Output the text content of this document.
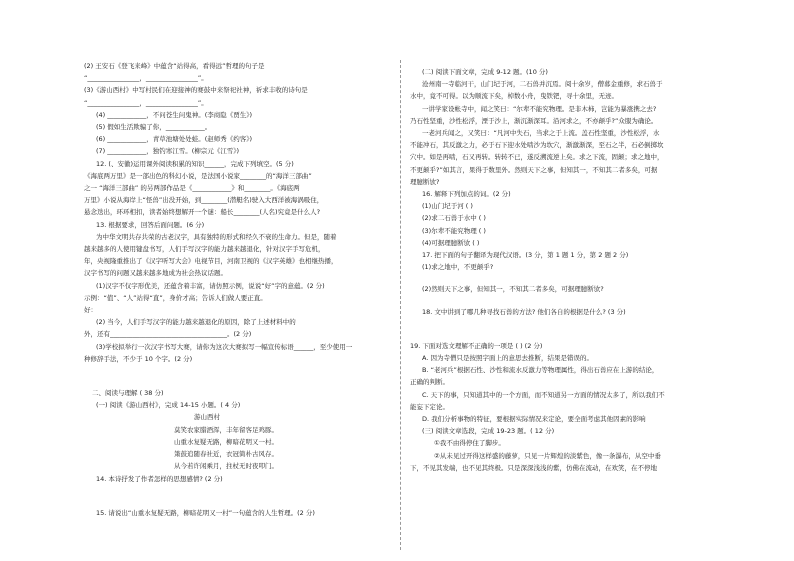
(2) 王安石《登飞来峰》中蕴含“站得高，看得远”哲理的句子是

“________________，________________”。

(3)《游山西村》中写村民们在迎接神的赛鼓中来祭祀社神，祈求丰收的诗句是

“________________，________________”。

(4) ____________，不问苍生问鬼神。(李商隐《贾生》)

(5) 假如生活欺骗了你，____________。

(6) ____________，青草池塘处处蛙。(赵师秀《约客》)

(7) ____________，独钓寒江雪。(柳宗元《江雪》)

12. (、安徽)运用课外阅读积累的知识______，完成下列填空。(5 分)

《海底两万里》是一部出色的科幻小说，是法国小说家________的“海洋三部曲”

之一 “海洋三部曲” 的另两部作品是《____________》和________。《海底两

万里》小说从海岸上“怪兽”出没开始，到________(潜艇名)驶入大西洋被海涡吸住，

悬念迭出，环环相扣，读者始终想解开一个谜：船长________(人名)究竟是什么人?

13. 根据要求，回答后面问题。(6 分)

为中华文明共存共荣的古老汉字，具有独特的形式和经久不衰的生命力。但是，随着

越来越多的人使用键盘书写，人们手写汉字的能力越来越退化，针对汉字手写危机，

年，央视隆重推出了《汉字听写大会》电视节目，河南卫视的《汉字英雄》也相继热播，

汉字书写的问题又越来越多地成为社会热议话题。

(1)汉字不仅字形优美，还蕴含着丰富，请仿照示例，说说“好”字的意蕴。(2 分)

示例：“值”、“人”站得“直”，身价才高；告诉人们做人要正直。

好：

(2) 当今，人们手写汉字的能力越来越退化的原因，除了上述材料中的

外，还有____________________________________。(2 分)

(3)学校拟举行一次汉字书写大赛，请你为这次大赛拟写一幅宣传标语______，至少使用一

种修辞手法，不少于 10 个字。(2 分)

二、阅读与理解 ( 38 分)

(一) 阅读《游山西村》，完成 14-15 小题。( 4 分)

游山西村

莫笑农家腊酒浑，丰年留客足鸡豚。

山重水复疑无路，柳暗花明又一村。

箫鼓追随春社近，衣冠简朴古风存。

从今若许闲乘月，拄杖无时夜叩门。

14. 本诗抒发了作者怎样的思想感情? (2 分)

15. 请说出“山重水复疑无路，柳暗花明又一村”一句蕴含的人生哲理。(2 分)

(二) 阅读下面文章，完成 9-12 题。(10 分)

沧州南一寺临河干，山门圮于河，二石兽并沉焉。阅十余岁，僧募金重修，求石兽于

水中，竟不可得。以为顺流下矣，棹数小舟，曳铁钯，寻十余里，无迹。

一讲学家设帐寺中，闻之笑曰：“尔辈不能究物理。是非木柿，岂能为暴涨携之去?

乃石性坚重，沙性松浮，湮于沙上，渐沉渐深耳。沿河求之，不亦颠乎?”众服为确论。

一老河兵闻之，又笑曰：“凡河中失石，当求之于上流。盖石性坚重，沙性松浮，水

不能冲石，其反激之力，必于石下迎水处啮沙为坎穴，渐激渐深，至石之半，石必倒掷坎

穴中。如是再啮，石又再转。转转不已，遂反溯流逆上矣。求之下流，固颠；求之地中，

不更颠乎?”如其言，果得于数里外。然则天下之事，但知其一，不知其二者多矣，可据

理臆断欤?

16. 解释下列加点的词。(2 分)

(1)山门圮于河 ( )

(2)求二石兽于水中 ( )

(3)尔辈不能究物理 ( )

(4)可据理臆断欤 ( )

17. 把下面的句子翻译为现代汉语。(3 分，第 1 题 1 分，第 2 题 2 分)

(1)求之地中，不更颠乎?

(2)然则天下之事，但知其一，不知其二者多矣，可据理臆断欤?

18. 文中讲到了哪几种寻找石兽的方法? 他们各自的根据是什么? (3 分)

19. 下面对选文理解不正确的一项是 ( ) (2 分)

A. 因为寺僧只是按照字面上的意思去推断，结果是错误的。

B. “老河兵”根据石性、沙性和流水反激力等物理属性，得出石兽应在上游的结论，

正确的判断。

C. 天下的事，只知道其中的一个方面，而不知道另一方面的情况太多了，所以我们不

能妄下定论。

D. 我们分析事物的特征，要根据实际情况来定论，要全面考虑其他因素的影响

(三) 阅读文章选段，完成 19-23 题。( 12 分)

①我不由得停住了脚步。

②从未见过开得这样盛的藤萝，只见一片辉煌的淡紫色，像一条瀑布，从空中垂

下，不见其发端，也不见其终极。只是深深浅浅的紫，仿佛在流动，在欢笑，在不停地
